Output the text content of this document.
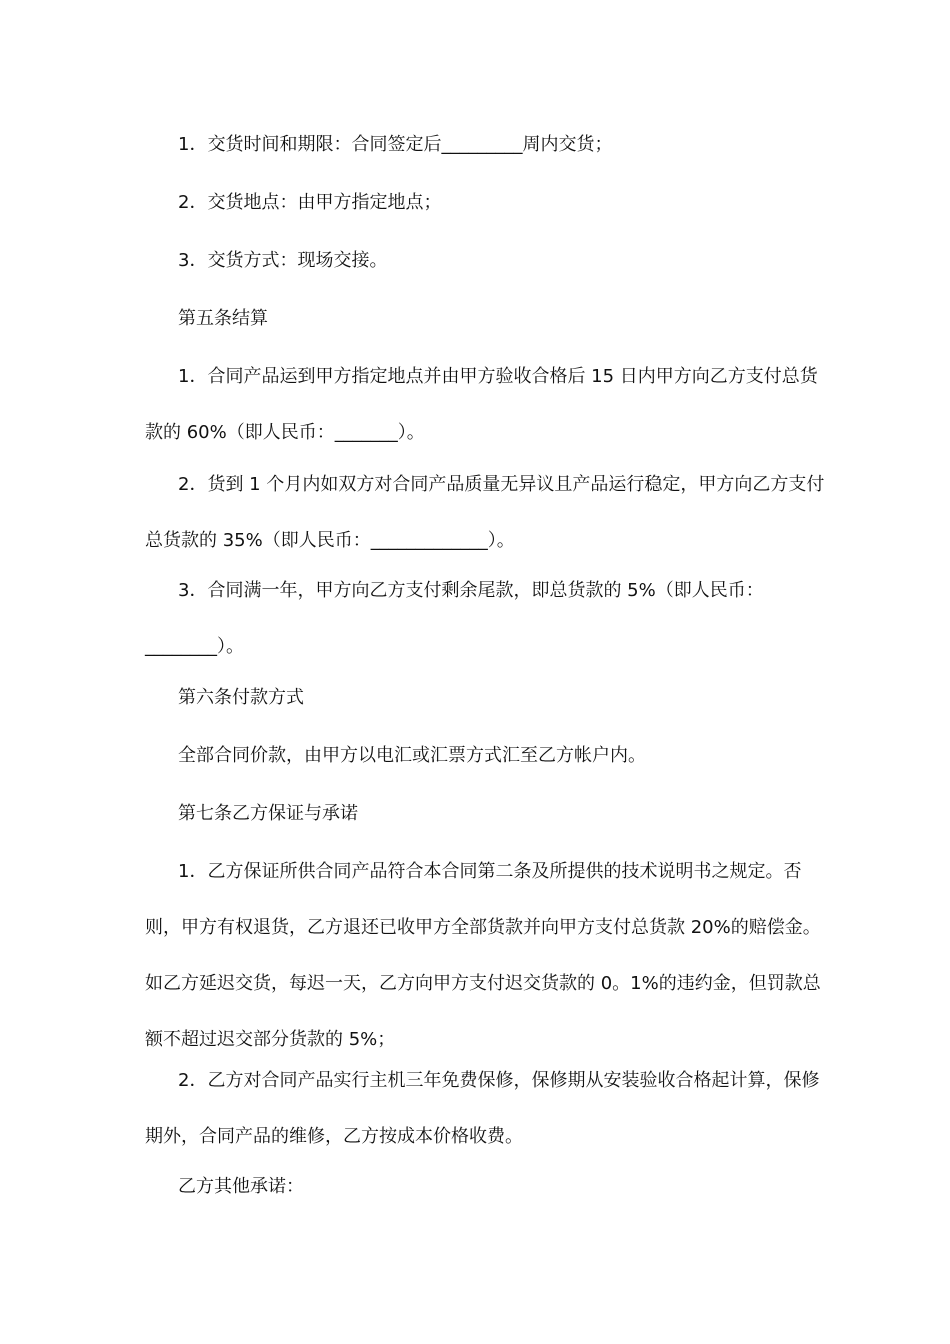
1．交货时间和期限：合同签定后_________周内交货；

2．交货地点：由甲方指定地点；

3．交货方式：现场交接。

第五条结算

1．合同产品运到甲方指定地点并由甲方验收合格后 15 日内甲方向乙方支付总货款的 60%（即人民币：_______）。

2．货到 1 个月内如双方对合同产品质量无异议且产品运行稳定，甲方向乙方支付总货款的 35%（即人民币：_____________）。

3．合同满一年，甲方向乙方支付剩余尾款，即总货款的 5%（即人民币：________）。

第六条付款方式

全部合同价款，由甲方以电汇或汇票方式汇至乙方帐户内。

第七条乙方保证与承诺

1．乙方保证所供合同产品符合本合同第二条及所提供的技术说明书之规定。否则，甲方有权退货，乙方退还已收甲方全部货款并向甲方支付总货款 20%的赔偿金。如乙方延迟交货，每迟一天，乙方向甲方支付迟交货款的 0。1%的违约金，但罚款总额不超过迟交部分货款的 5%；

2．乙方对合同产品实行主机三年免费保修，保修期从安装验收合格起计算，保修期外，合同产品的维修，乙方按成本价格收费。

乙方其他承诺：
